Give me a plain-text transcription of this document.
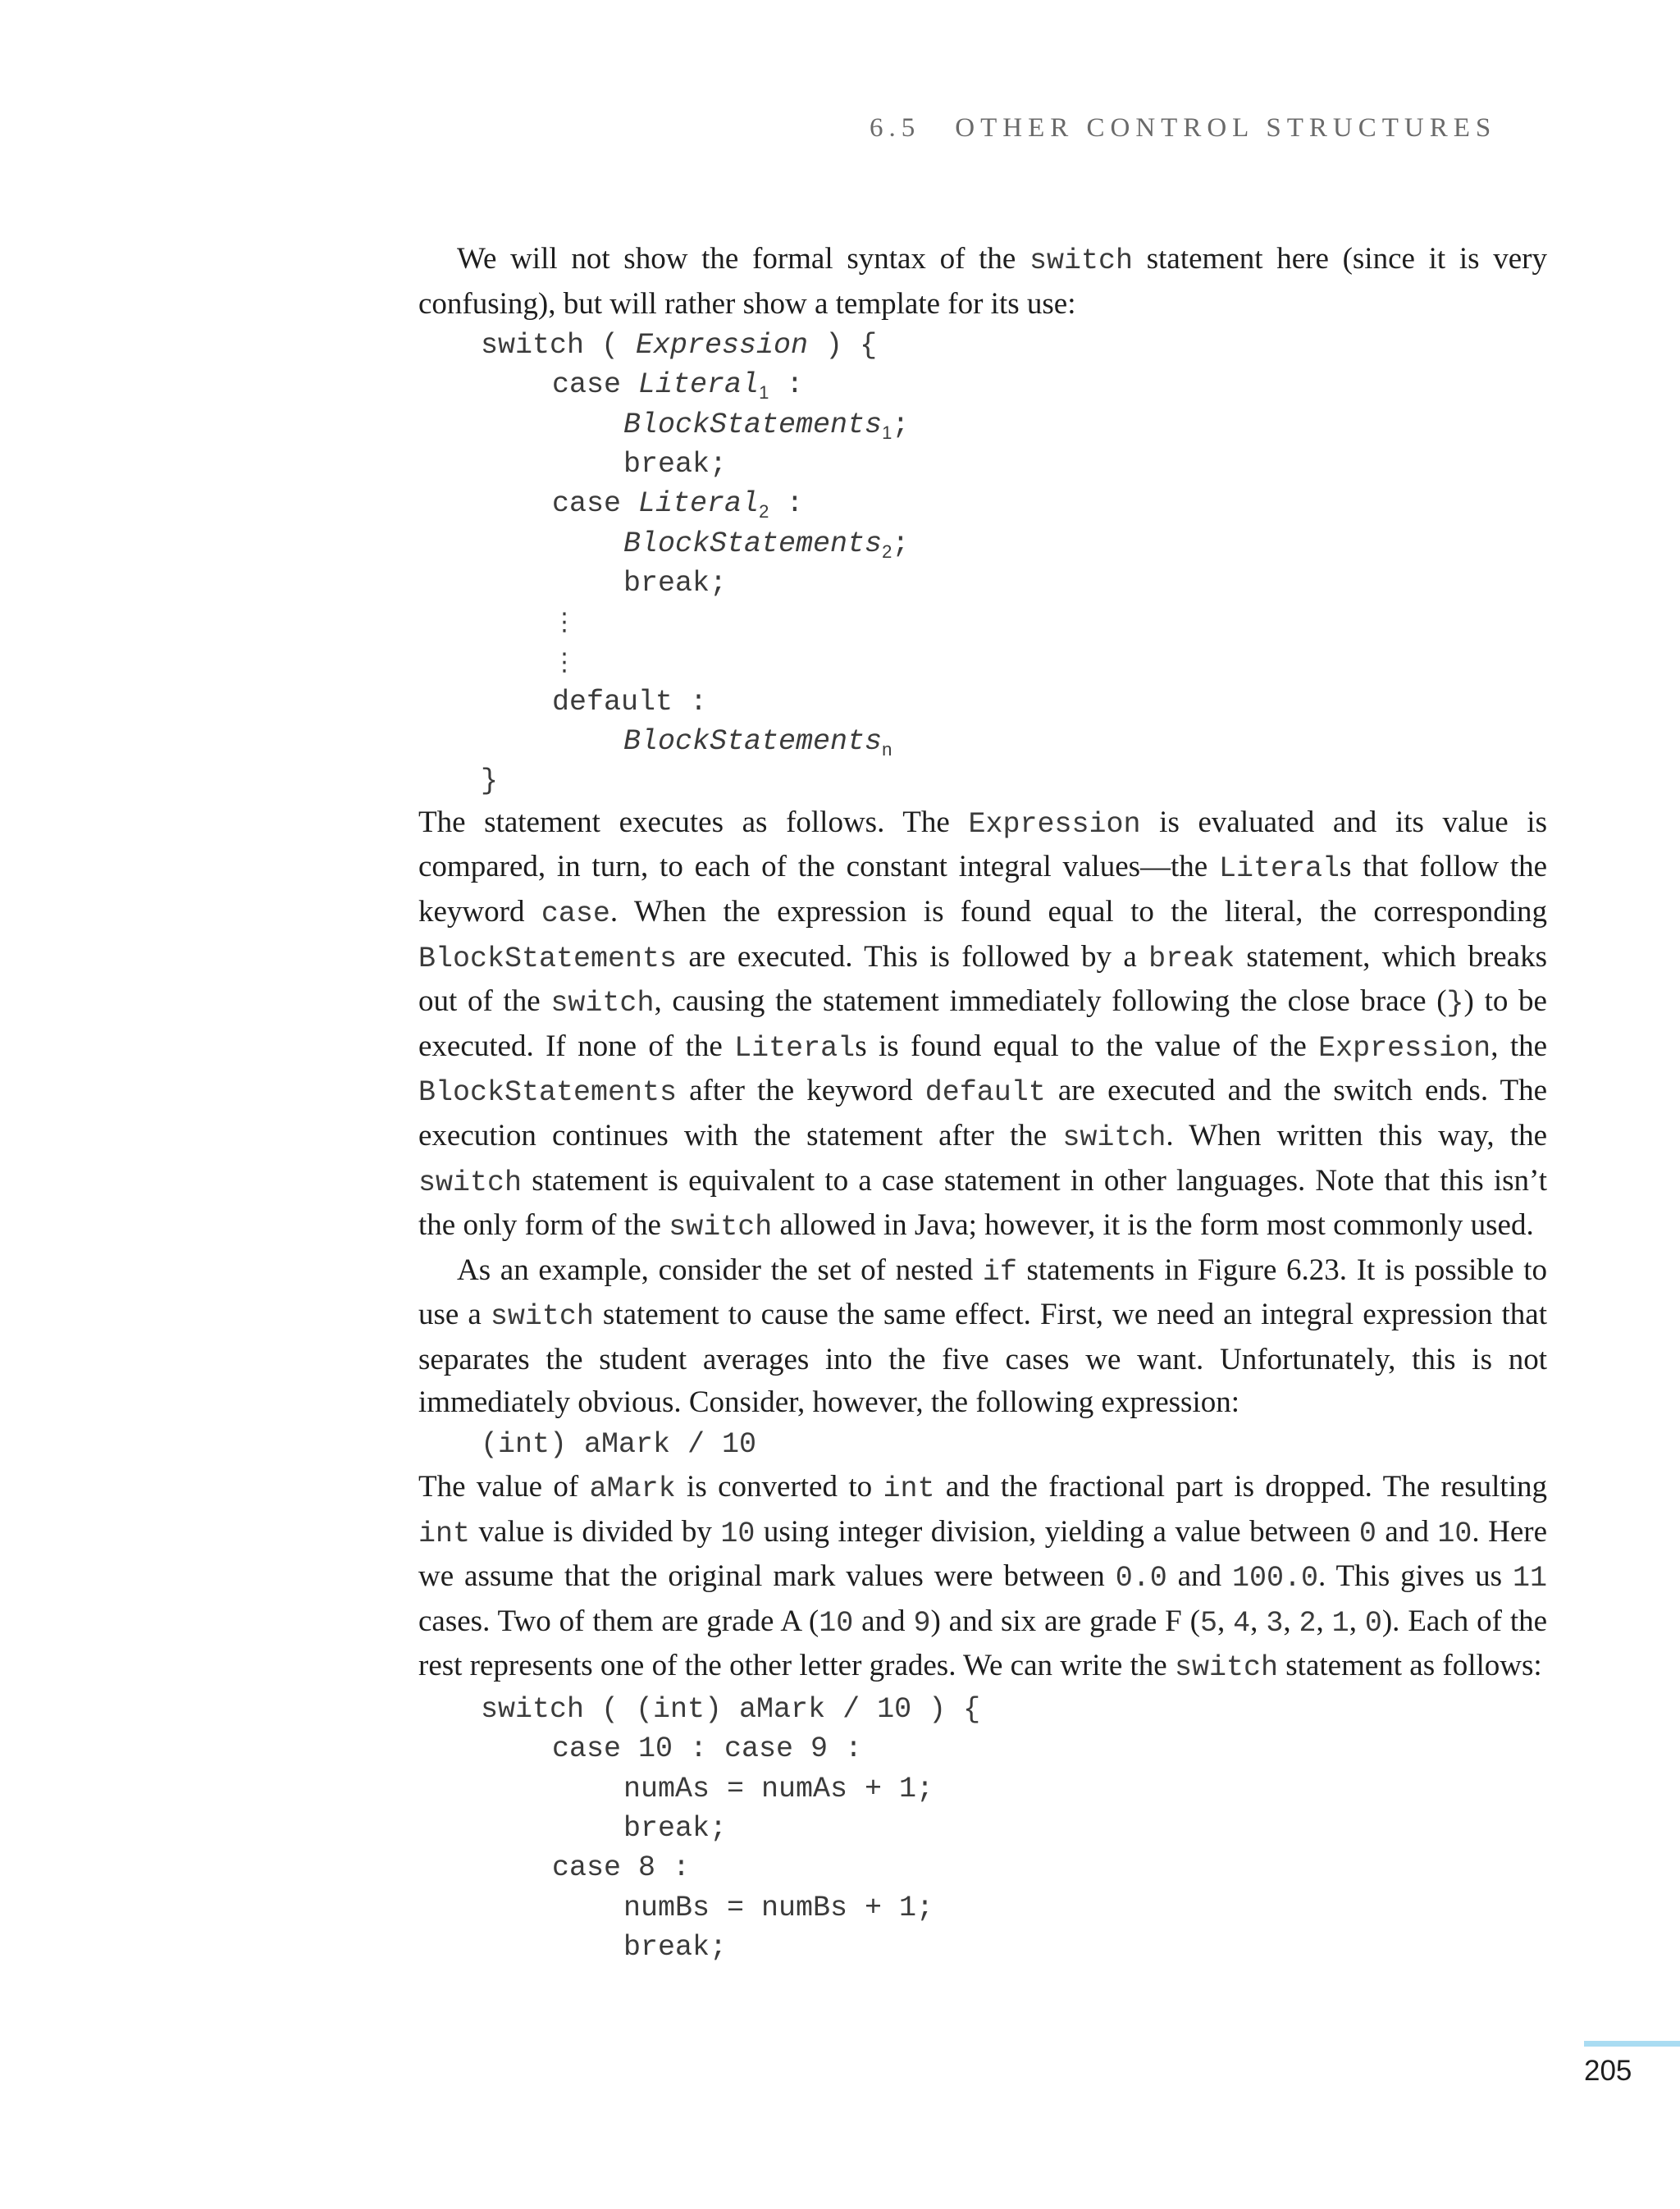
6.5 OTHER CONTROL STRUCTURES

We will not show the formal syntax of the switch statement here (since it is very confusing), but will rather show a template for its use:

switch ( Expression ) {
case Literal$_1$ :
BlockStatements$_1$;
break;
case Literal$_2$ :
BlockStatements$_2$;
break;
⋮
⋮
default :
BlockStatements$_n$
}

The statement executes as follows. The Expression is evaluated and its value is compared, in turn, to each of the constant integral values—the Literals that follow the keyword case. When the expression is found equal to the literal, the corresponding BlockStatements are executed. This is followed by a break statement, which breaks out of the switch, causing the statement immediately following the close brace (}) to be executed. If none of the Literals is found equal to the value of the Expression, the BlockStatements after the keyword default are executed and the switch ends. The execution continues with the statement after the switch. When written this way, the switch statement is equivalent to a case statement in other languages. Note that this isn’t the only form of the switch allowed in Java; however, it is the form most commonly used.

As an example, consider the set of nested if statements in Figure 6.23. It is possible to use a switch statement to cause the same effect. First, we need an integral expression that separates the student averages into the five cases we want. Unfortunately, this is not immediately obvious. Consider, however, the following expression:

(int) aMark / 10

The value of aMark is converted to int and the fractional part is dropped. The resulting int value is divided by 10 using integer division, yielding a value between 0 and 10. Here we assume that the original mark values were between 0.0 and 100.0. This gives us 11 cases. Two of them are grade A (10 and 9) and six are grade F (5, 4, 3, 2, 1, 0). Each of the rest represents one of the other letter grades. We can write the switch statement as follows:

switch ( (int) aMark / 10 ) {
case 10 : case 9 :
numAs = numAs + 1;
break;
case 8 :
numBs = numBs + 1;
break;
205
